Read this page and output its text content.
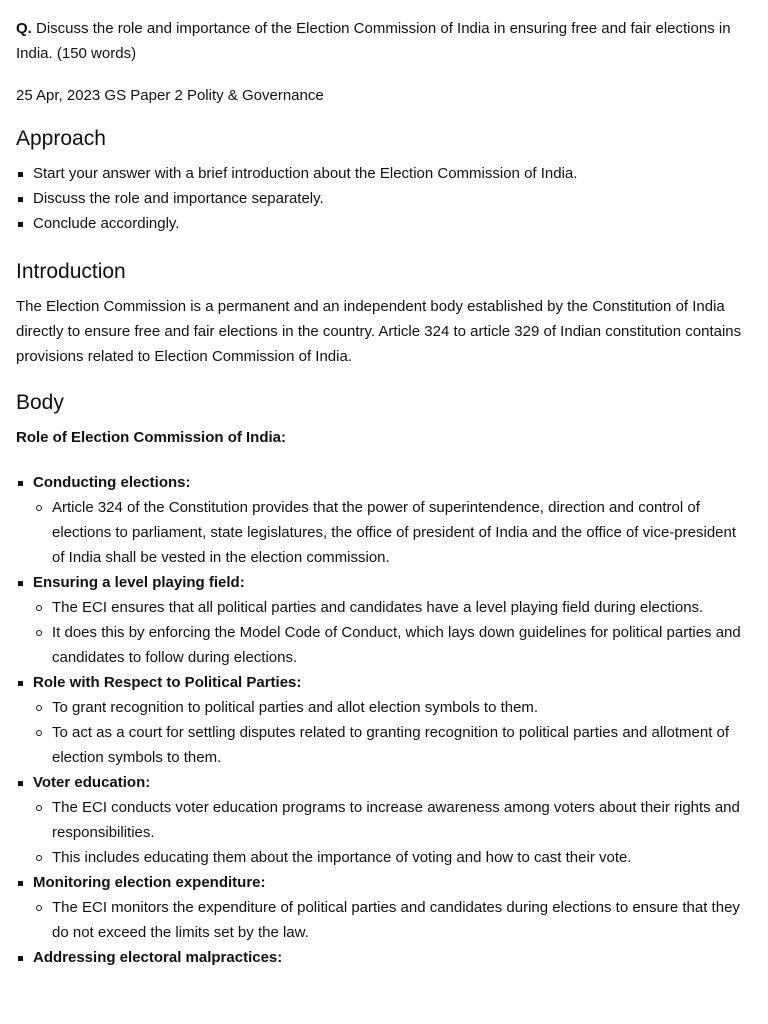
Q. Discuss the role and importance of the Election Commission of India in ensuring free and fair elections in India. (150 words)

25 Apr, 2023 GS Paper 2 Polity & Governance

Approach
Start your answer with a brief introduction about the Election Commission of India.
Discuss the role and importance separately.
Conclude accordingly.
Introduction

The Election Commission is a permanent and an independent body established by the Constitution of India directly to ensure free and fair elections in the country. Article 324 to article 329 of Indian constitution contains provisions related to Election Commission of India.

Body

Role of Election Commission of India:

Conducting elections:
Article 324 of the Constitution provides that the power of superintendence, direction and control of elections to parliament, state legislatures, the office of president of India and the office of vice-president of India shall be vested in the election commission.
Ensuring a level playing field:
The ECI ensures that all political parties and candidates have a level playing field during elections.
It does this by enforcing the Model Code of Conduct, which lays down guidelines for political parties and candidates to follow during elections.
Role with Respect to Political Parties:
To grant recognition to political parties and allot election symbols to them.
To act as a court for settling disputes related to granting recognition to political parties and allotment of election symbols to them.
Voter education:
The ECI conducts voter education programs to increase awareness among voters about their rights and responsibilities.
This includes educating them about the importance of voting and how to cast their vote.
Monitoring election expenditure:
The ECI monitors the expenditure of political parties and candidates during elections to ensure that they do not exceed the limits set by the law.
Addressing electoral malpractices:
